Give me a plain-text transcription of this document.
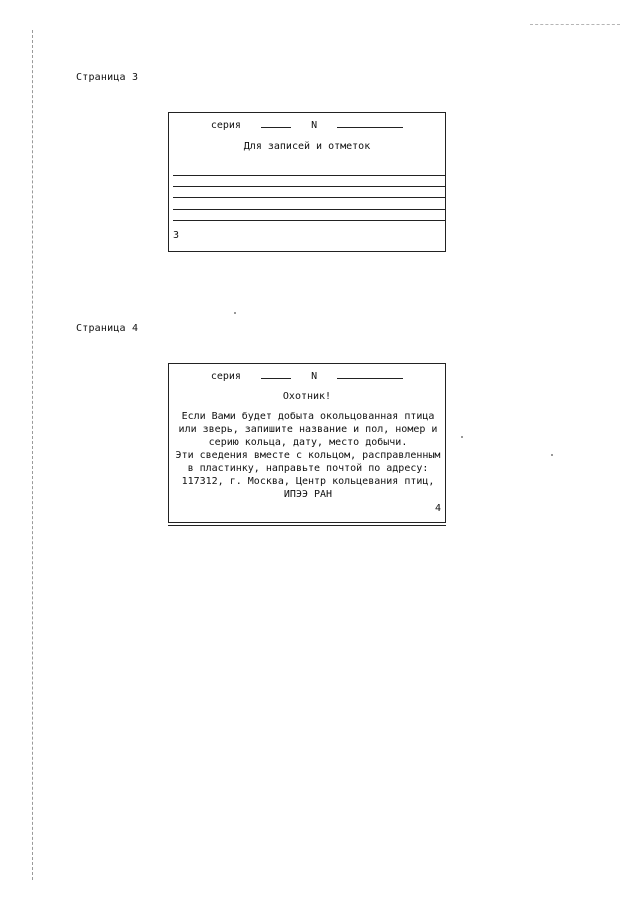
Страница 3
серия	N
Для записей и отметок
3
Страница 4
серия	N
Охотник!
Если Вами будет добыта окольцованная птица
или зверь, запишите название и пол, номер и
серию кольца, дату, место добычи.
Эти сведения вместе с кольцом, расправленным
в пластинку, направьте почтой по адресу:
117312, г. Москва, Центр кольцевания птиц,
ИПЭЭ РАН
4
